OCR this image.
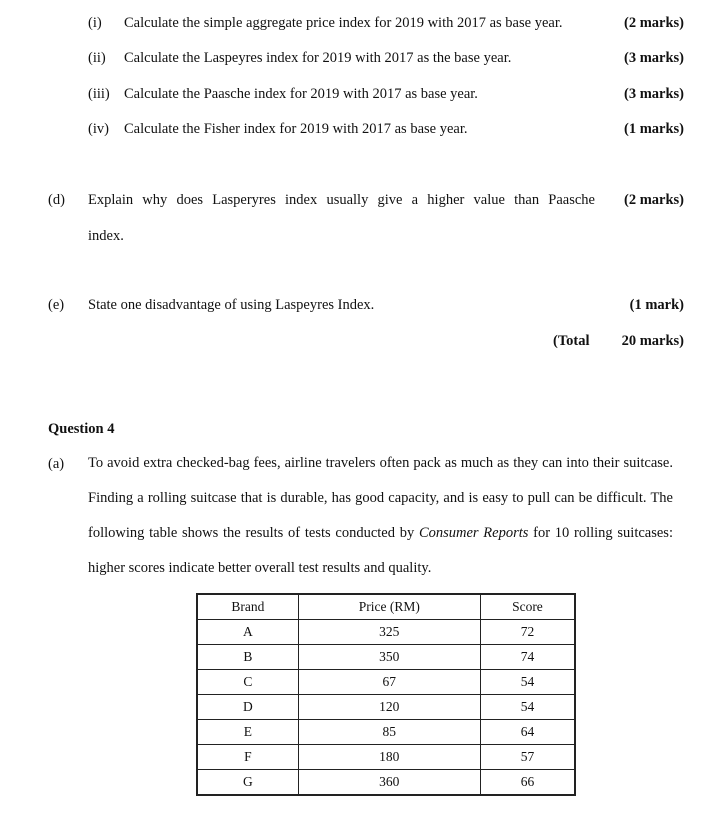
(i) Calculate the simple aggregate price index for 2019 with 2017 as base year.	(2 marks)
(ii) Calculate the Laspeyres index for 2019 with 2017 as the base year.	(3 marks)
(iii) Calculate the Paasche index for 2019 with 2017 as base year.	(3 marks)
(iv) Calculate the Fisher index for 2019 with 2017 as base year.	(1 marks)
(d) Explain why does Lasperyres index usually give a higher value than Paasche (2 marks)
index.
(e) State one disadvantage of using Laspeyres Index.	(1 mark)
(Total 20 marks)
Question 4
(a) To avoid extra checked-bag fees, airline travelers often pack as much as they can into their suitcase. Finding a rolling suitcase that is durable, has good capacity, and is easy to pull can be difficult. The following table shows the results of tests conducted by Consumer Reports for 10 rolling suitcases: higher scores indicate better overall test results and quality.
Brand	Price (RM)	Score
A	325	72
B	350	74
C	67	54
D	120	54
E	85	64
F	180	57
G	360	66
